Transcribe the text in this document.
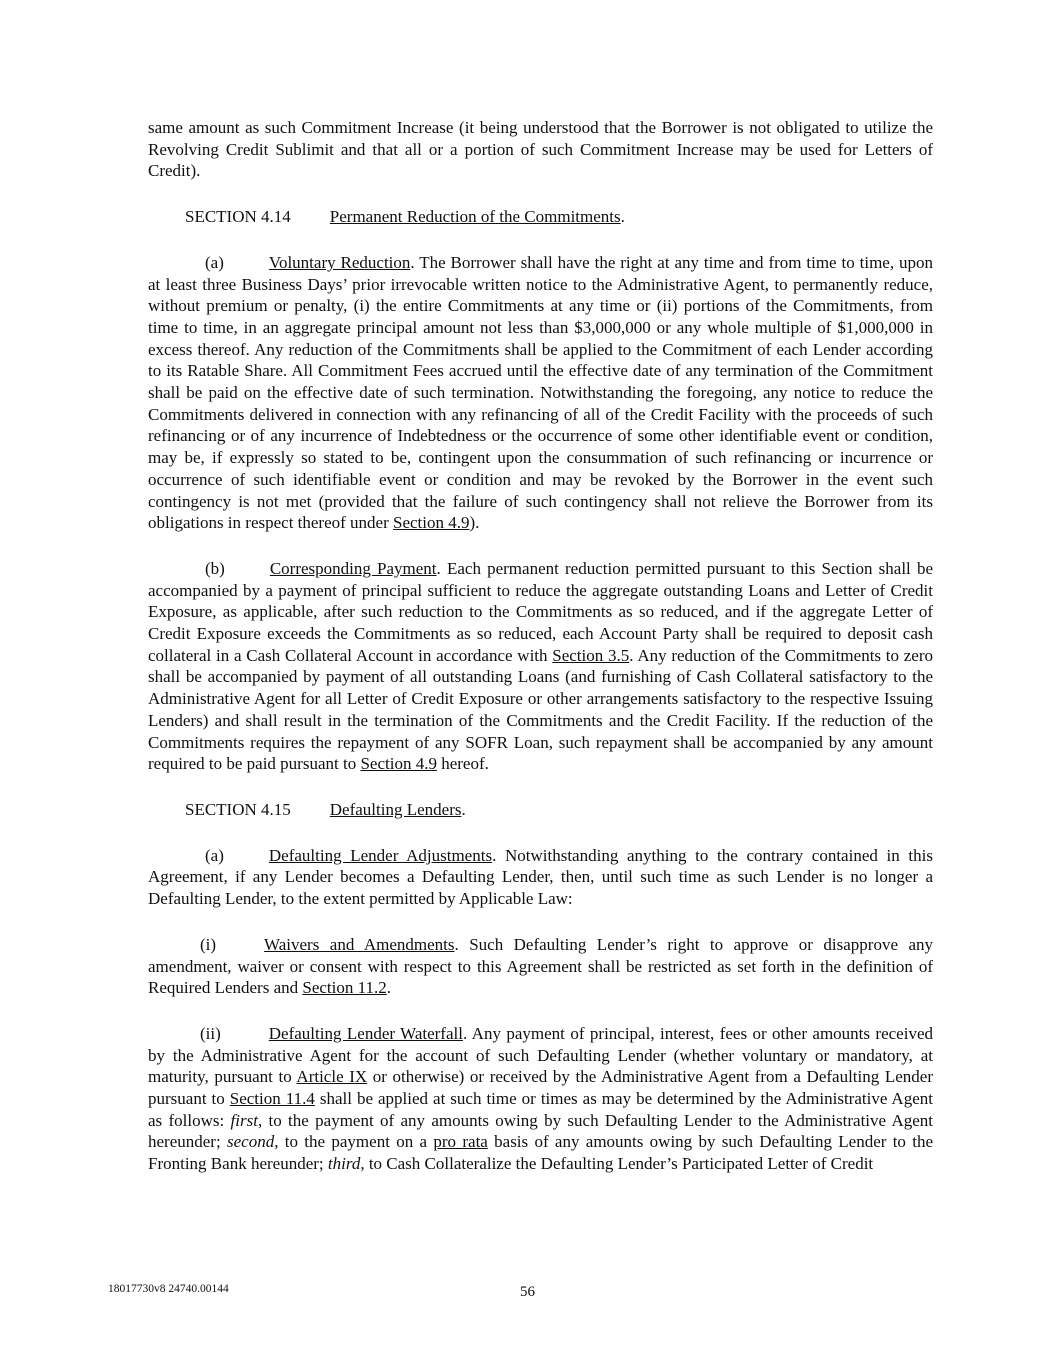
same amount as such Commitment Increase (it being understood that the Borrower is not obligated to utilize the Revolving Credit Sublimit and that all or a portion of such Commitment Increase may be used for Letters of Credit).

SECTION 4.14 Permanent Reduction of the Commitments.

(a)	Voluntary Reduction. The Borrower shall have the right at any time and from time to time, upon at least three Business Days’ prior irrevocable written notice to the Administrative Agent, to permanently reduce, without premium or penalty, (i) the entire Commitments at any time or (ii) portions of the Commitments, from time to time, in an aggregate principal amount not less than $3,000,000 or any whole multiple of $1,000,000 in excess thereof. Any reduction of the Commitments shall be applied to the Commitment of each Lender according to its Ratable Share. All Commitment Fees accrued until the effective date of any termination of the Commitment shall be paid on the effective date of such termination. Notwithstanding the foregoing, any notice to reduce the Commitments delivered in connection with any refinancing of all of the Credit Facility with the proceeds of such refinancing or of any incurrence of Indebtedness or the occurrence of some other identifiable event or condition, may be, if expressly so stated to be, contingent upon the consummation of such refinancing or incurrence or occurrence of such identifiable event or condition and may be revoked by the Borrower in the event such contingency is not met (provided that the failure of such contingency shall not relieve the Borrower from its obligations in respect thereof under Section 4.9).

(b)	Corresponding Payment. Each permanent reduction permitted pursuant to this Section shall be accompanied by a payment of principal sufficient to reduce the aggregate outstanding Loans and Letter of Credit Exposure, as applicable, after such reduction to the Commitments as so reduced, and if the aggregate Letter of Credit Exposure exceeds the Commitments as so reduced, each Account Party shall be required to deposit cash collateral in a Cash Collateral Account in accordance with Section 3.5. Any reduction of the Commitments to zero shall be accompanied by payment of all outstanding Loans (and furnishing of Cash Collateral satisfactory to the Administrative Agent for all Letter of Credit Exposure or other arrangements satisfactory to the respective Issuing Lenders) and shall result in the termination of the Commitments and the Credit Facility. If the reduction of the Commitments requires the repayment of any SOFR Loan, such repayment shall be accompanied by any amount required to be paid pursuant to Section 4.9 hereof.

SECTION 4.15 Defaulting Lenders.

(a)	Defaulting Lender Adjustments. Notwithstanding anything to the contrary contained in this Agreement, if any Lender becomes a Defaulting Lender, then, until such time as such Lender is no longer a Defaulting Lender, to the extent permitted by Applicable Law:

(i)	Waivers and Amendments. Such Defaulting Lender’s right to approve or disapprove any amendment, waiver or consent with respect to this Agreement shall be restricted as set forth in the definition of Required Lenders and Section 11.2.

(ii)	Defaulting Lender Waterfall. Any payment of principal, interest, fees or other amounts received by the Administrative Agent for the account of such Defaulting Lender (whether voluntary or mandatory, at maturity, pursuant to Article IX or otherwise) or received by the Administrative Agent from a Defaulting Lender pursuant to Section 11.4 shall be applied at such time or times as may be determined by the Administrative Agent as follows: first, to the payment of any amounts owing by such Defaulting Lender to the Administrative Agent hereunder; second, to the payment on a pro rata basis of any amounts owing by such Defaulting Lender to the Fronting Bank hereunder; third, to Cash Collateralize the Defaulting Lender’s Participated Letter of Credit

18017730v8 24740.00144	56
